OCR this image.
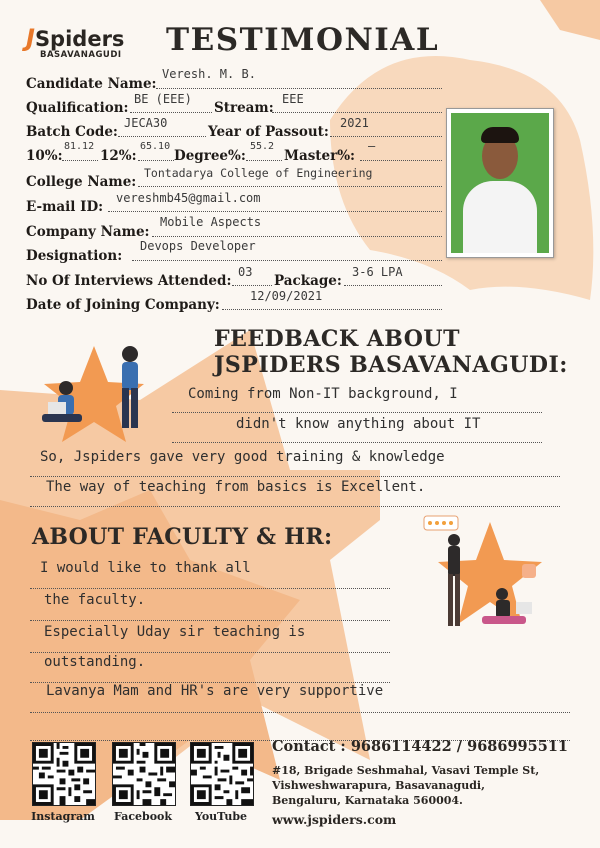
JSpiders
BASAVANAGUDI TESTIMONIAL
Candidate Name:
Veresh. M. B.
Qualification:
BE (EEE)
Stream:
EEE
Batch Code:
JECA30
Year of Passout:
2021
10%:
81.12
12%:
65.10
Degree%:
55.2
Master%:
—
College Name:
Tontadarya College of Engineering
E-mail ID:
vereshmb45@gmail.com
Company Name:
Mobile Aspects
Designation:
Devops Developer
No Of Interviews Attended:
03
Package:
3-6 LPA
Date of Joining Company:
12/09/2021
FEEDBACK ABOUT
JSPIDERS BASAVANAGUDI:
Coming from Non-IT background, I
didn't know anything about IT
So, Jspiders gave very good training & knowledge
The way of teaching from basics is Excellent.
ABOUT FACULTY & HR:
I would like to thank all
the faculty.
Especially Uday sir teaching is
outstanding.
Lavanya Mam and HR's are very supportive
Instagram	Facebook	YouTube
Contact : 9686114422 / 9686995511
#18, Brigade Seshmahal, Vasavi Temple St,
Vishweshwarapura, Basavanagudi,
Bengaluru, Karnataka 560004.
www.jspiders.com
